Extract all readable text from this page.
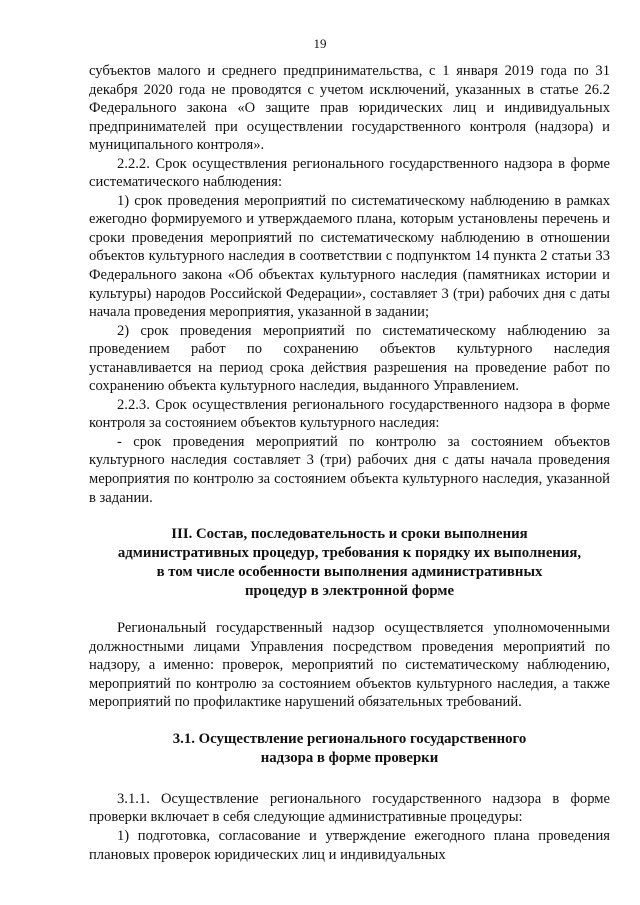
19

субъектов малого и среднего предпринимательства, с 1 января 2019 года по 31 декабря 2020 года не проводятся с учетом исключений, указанных в статье 26.2 Федерального закона «О защите прав юридических лиц и индивидуальных предпринимателей при осуществлении государственного контроля (надзора) и муниципального контроля».

2.2.2. Срок осуществления регионального государственного надзора в форме систематического наблюдения:

1) срок проведения мероприятий по систематическому наблюдению в рамках ежегодно формируемого и утверждаемого плана, которым установлены перечень и сроки проведения мероприятий по систематическому наблюдению в отношении объектов культурного наследия в соответствии с подпунктом 14 пункта 2 статьи 33 Федерального закона «Об объектах культурного наследия (памятниках истории и культуры) народов Российской Федерации», составляет 3 (три) рабочих дня с даты начала проведения мероприятия, указанной в задании;

2) срок проведения мероприятий по систематическому наблюдению за проведением работ по сохранению объектов культурного наследия устанавливается на период срока действия разрешения на проведение работ по сохранению объекта культурного наследия, выданного Управлением.

2.2.3. Срок осуществления регионального государственного надзора в форме контроля за состоянием объектов культурного наследия:

- срок проведения мероприятий по контролю за состоянием объектов культурного наследия составляет 3 (три) рабочих дня с даты начала проведения мероприятия по контролю за состоянием объекта культурного наследия, указанной в задании.

III. Состав, последовательность и сроки выполнения
административных процедур, требования к порядку их выполнения,
в том числе особенности выполнения административных
процедур в электронной форме

Региональный государственный надзор осуществляется уполномоченными должностными лицами Управления посредством проведения мероприятий по надзору, а именно: проверок, мероприятий по систематическому наблюдению, мероприятий по контролю за состоянием объектов культурного наследия, а также мероприятий по профилактике нарушений обязательных требований.

3.1. Осуществление регионального государственного
надзора в форме проверки

3.1.1. Осуществление регионального государственного надзора в форме проверки включает в себя следующие административные процедуры:

1) подготовка, согласование и утверждение ежегодного плана проведения плановых проверок юридических лиц и индивидуальных
